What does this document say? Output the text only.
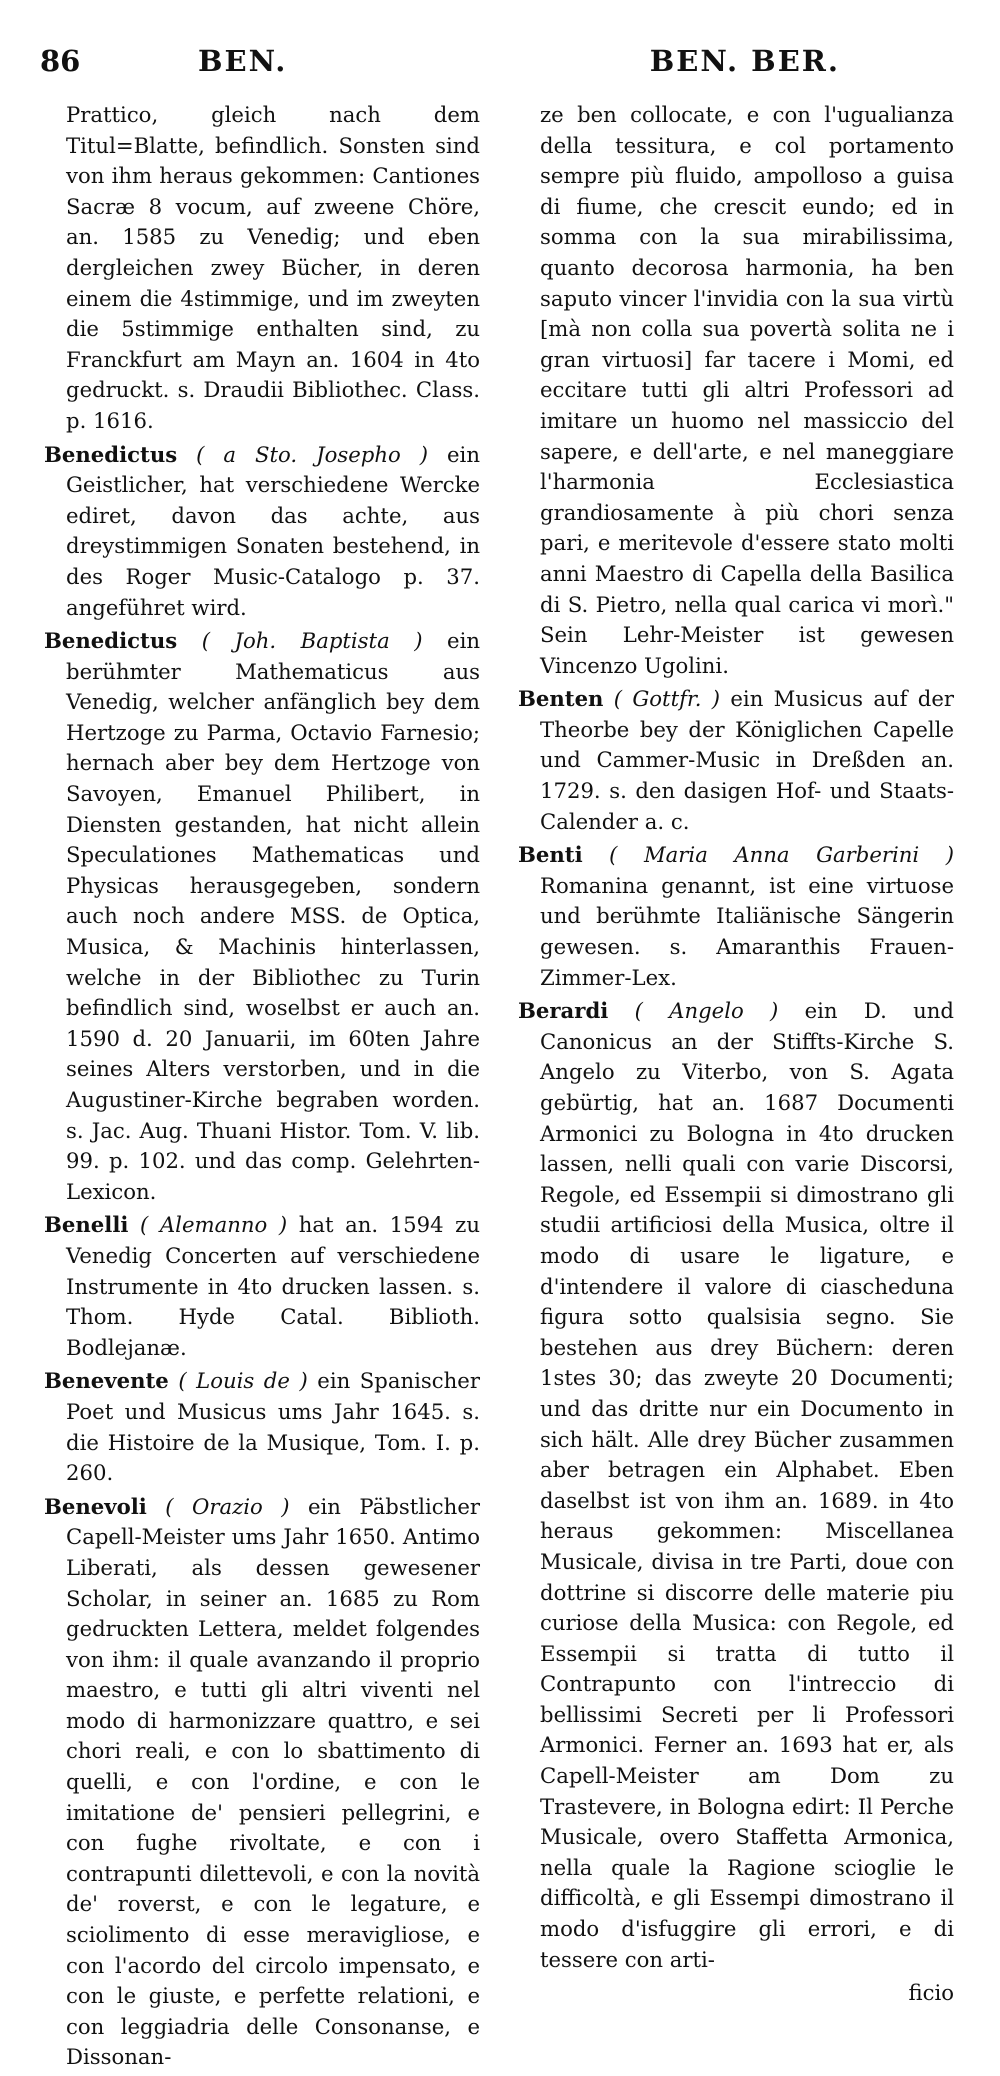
86	BEN.	BEN. BER.

Prattico, gleich nach dem Titul=Blatte, befindlich. Sonsten sind von ihm heraus gekommen: Cantiones Sacræ 8 vocum, auf zweene Chöre, an. 1585 zu Venedig; und eben dergleichen zwey Bücher, in deren einem die 4stimmige, und im zweyten die 5stimmige enthalten sind, zu Franckfurt am Mayn an. 1604 in 4to gedruckt. s. Draudii Bibliothec. Class. p. 1616.

Benedictus ( a Sto. Josepho ) ein Geistlicher, hat verschiedene Wercke ediret, davon das achte, aus dreystimmigen Sonaten bestehend, in des Roger Music-Catalogo p. 37. angeführet wird.

Benedictus ( Joh. Baptista ) ein berühmter Mathematicus aus Venedig, welcher anfänglich bey dem Hertzoge zu Parma, Octavio Farnesio; hernach aber bey dem Hertzoge von Savoyen, Emanuel Philibert, in Diensten gestanden, hat nicht allein Speculationes Mathematicas und Physicas herausgegeben, sondern auch noch andere MSS. de Optica, Musica, & Machinis hinterlassen, welche in der Bibliothec zu Turin befindlich sind, woselbst er auch an. 1590 d. 20 Januarii, im 60ten Jahre seines Alters verstorben, und in die Augustiner-Kirche begraben worden. s. Jac. Aug. Thuani Histor. Tom. V. lib. 99. p. 102. und das comp. Gelehrten-Lexicon.

Benelli ( Alemanno ) hat an. 1594 zu Venedig Concerten auf verschiedene Instrumente in 4to drucken lassen. s. Thom. Hyde Catal. Biblioth. Bodlejanæ.

Benevente ( Louis de ) ein Spanischer Poet und Musicus ums Jahr 1645. s. die Histoire de la Musique, Tom. I. p. 260.

Benevoli ( Orazio ) ein Päbstlicher Capell-Meister ums Jahr 1650. Antimo Liberati, als dessen gewesener Scholar, in seiner an. 1685 zu Rom gedruckten Lettera, meldet folgendes von ihm: il quale avanzando il proprio maestro, e tutti gli altri viventi nel modo di harmonizzare quattro, e sei chori reali, e con lo sbattimento di quelli, e con l'ordine, e con le imitatione de' pensieri pellegrini, e con fughe rivoltate, e con i contrapunti dilettevoli, e con la novità de' roverst, e con le legature, e sciolimento di esse meravigliose, e con l'acordo del circolo impensato, e con le giuste, e perfette relationi, e con leggiadria delle Consonanse, e Dissonan-

ze ben collocate, e con l'ugualianza della tessitura, e col portamento sempre più fluido, ampolloso a guisa di fiume, che crescit eundo; ed in somma con la sua mirabilissima, quanto decorosa harmonia, ha ben saputo vincer l'invidia con la sua virtù [mà non colla sua povertà solita ne i gran virtuosi] far tacere i Momi, ed eccitare tutti gli altri Professori ad imitare un huomo nel massiccio del sapere, e dell'arte, e nel maneggiare l'harmonia Ecclesiastica grandiosamente à più chori senza pari, e meritevole d'essere stato molti anni Maestro di Capella della Basilica di S. Pietro, nella qual carica vi morì." Sein Lehr-Meister ist gewesen Vincenzo Ugolini.

Benten ( Gottfr. ) ein Musicus auf der Theorbe bey der Königlichen Capelle und Cammer-Music in Dreßden an. 1729. s. den dasigen Hof- und Staats-Calender a. c.

Benti ( Maria Anna Garberini ) Romanina genannt, ist eine virtuose und berühmte Italiänische Sängerin gewesen. s. Amaranthis Frauen-Zimmer-Lex.

Berardi ( Angelo ) ein D. und Canonicus an der Stiffts-Kirche S. Angelo zu Viterbo, von S. Agata gebürtig, hat an. 1687 Documenti Armonici zu Bologna in 4to drucken lassen, nelli quali con varie Discorsi, Regole, ed Essempii si dimostrano gli studii artificiosi della Musica, oltre il modo di usare le ligature, e d'intendere il valore di ciascheduna figura sotto qualsisia segno. Sie bestehen aus drey Büchern: deren 1stes 30; das zweyte 20 Documenti; und das dritte nur ein Documento in sich hält. Alle drey Bücher zusammen aber betragen ein Alphabet. Eben daselbst ist von ihm an. 1689. in 4to heraus gekommen: Miscellanea Musicale, divisa in tre Parti, doue con dottrine si discorre delle materie piu curiose della Musica: con Regole, ed Essempii si tratta di tutto il Contrapunto con l'intreccio di bellissimi Secreti per li Professori Armonici. Ferner an. 1693 hat er, als Capell-Meister am Dom zu Trastevere, in Bologna edirt: Il Perche Musicale, overo Staffetta Armonica, nella quale la Ragione scioglie le difficoltà, e gli Essempi dimostrano il modo d'isfuggire gli errori, e di tessere con arti-

ficio
